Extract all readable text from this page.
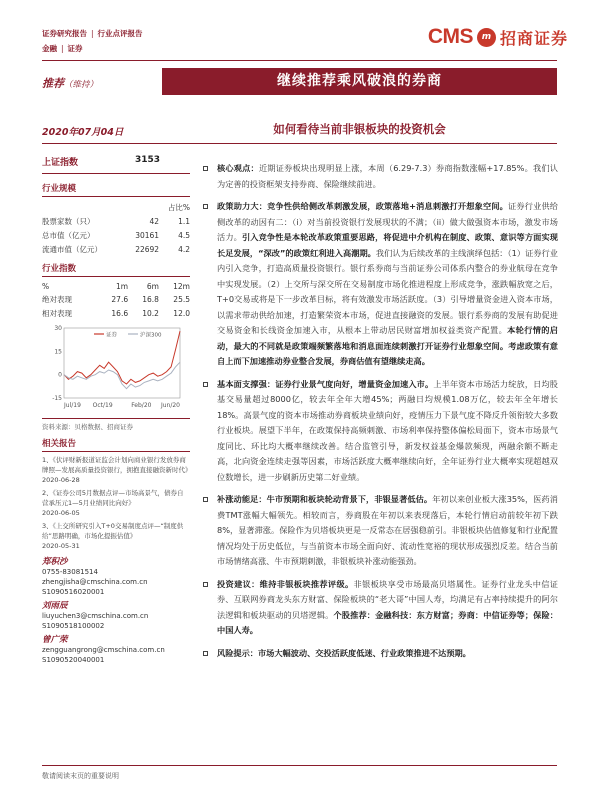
证券研究报告 | 行业点评报告
金融 | 证券
CMS m 招商证券
推荐（维持）	继续推荐乘风破浪的券商
2020年07月04日	如何看待当前非银板块的投资机会
上证指数	3153
行业规模
		占比%
股票家数（只）	42	1.1
总市值（亿元）	30161	4.5
流通市值（亿元）	22692	4.2
行业指数
%	1m	6m	12m
绝对表现	27.6	16.8	25.5
相对表现	16.6	10.2	12.0
-15
0
15
30
Jul/19 Oct/19	Feb/20 Jun/20
证券	沪深300
资料来源：贝格数据、招商证券
相关报告
1、《伏评财新报道证监会计划向商业银行发放券商牌照—发展高质量投资银行，拥抱直接融资新时代》
2020-06-28
2、《证券公司5月数据点评—市场高景气，债券自营承压元1—5月业绩同比向好》
2020-06-05
3、《上交所研究引入T+0交易制度点评—“制度供给”思路明确，市场化提振估值》
2020-05-31
郑积沙
0755-83081514
zhengjisha@cmschina.com.cn
S1090516020001
刘雨辰
liuyuchen3@cmschina.com.cn
S1090518100002
曾广荣
zengguangrong@cmschina.com.cn
S1090520040001
核心观点：近期证券板块出现明显上涨，本周（6.29-7.3）券商指数涨幅+17.85%。我们认为定善的投资框架支持券商、保险继续前进。
政策助力大：竞争性供给侧改革刺激发展，政策落地+消息刺激打开想象空间。证券行业供给侧改革的动因有二：（i）对当前投资银行发展现状的不满；（ii）做大做强资本市场，激发市场活力。引入竞争性是本轮改革政策重要思路，将促进中介机构在制度、政策、意识等方面实现长足发展，“深改”的政策红利进入高潮期。我们认为后续改革的主线演绎包括：（1）证券行业内引入竞争，打造高质量投资银行。银行系券商与当前证券公司体系内整合的券业航母在竞争中实现发展。（2）上交所与深交所在交易制度市场化推进程度上形成竞争，涨跌幅放宽之后，T+0交易或将是下一步改革目标，将有效激发市场活跃度。（3）引导增量资金进入资本市场，以需求带动供给加速，打造繁荣资本市场，促进直接融资的发展。银行系券商的发展有助促进交易资金和长线资金加速入市，从根本上带动居民财富增加权益类资产配置。本轮行情的启动，最大的不同就是政策端频繁落地和消息面连续刺激打开证券行业想象空间。考虑政策有意自上而下加速推动券业整合发展，券商估值有望继续走高。
基本面支撑强：证券行业景气度向好，增量资金加速入市。上半年资本市场活力绽放，日均股基交易量超过8000亿，较去年全年大增45%；两融日均规模1.08万亿，较去年全年增长18%。高景气度的资本市场推动券商板块业绩向好，疫情压力下景气度不降反升领衔较大多数行业板块。展望下半年，在政策保持高频刺激、市场利率保持整体偏松局面下，资本市场景气度同比、环比均大概率继续改善。结合监管引导，新发权益基金爆款频现，两融余额不断走高，北向资金连续走强等因素，市场活跃度大概率继续向好，全年证券行业大概率实现超越双位数增长，进一步刷新历史第二好业绩。
补涨动能足：牛市预期和板块轮动背景下，非银显著低估。年初以来创业板大涨35%，医药消费TMT涨幅大幅领先。相较而言，券商股在年初以来表现落后，本轮行情启动前较年初下跌8%，显著滞涨。保险作为贝塔板块更是一反常态在居强稳前引。非银板块估值修复和行业配置情况均处于历史低位，与当前资本市场全面向好、流动性宽裕的现状形成强烈反差。结合当前市场情绪高涨、牛市预期刺激，非银板块补涨动能强劲。
投资建议：维持非银板块推荐评级。非银板块享受市场最高贝塔属性。证券行业龙头中信证券、互联网券商龙头东方财富、保险板块的“老大哥”中国人寿，均满足有占率持续提升的阿尔法逻辑和板块驱动的贝塔逻辑。个股推荐：金融科技：东方财富；券商：中信证券等；保险：中国人寿。
风险提示：市场大幅波动、交投活跃度低迷、行业政策推进不达预期。
敬请阅读末页的重要说明
